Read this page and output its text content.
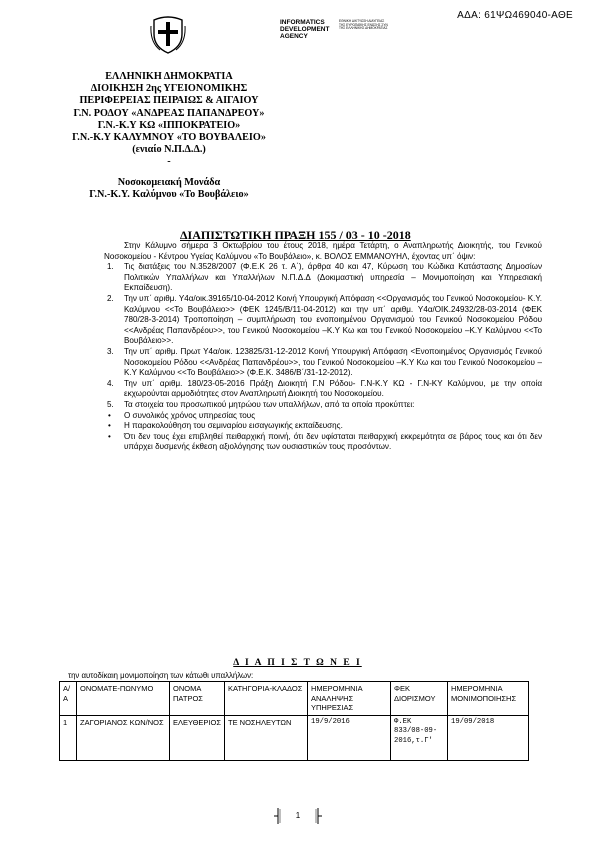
ΑΔΑ: 61ΨΩ469040-ΑΘΕ
INFORMATICS
DEVELOPMENT
AGENCY
ΕΘΝΙΚΗ ΔΙΚΤΥΩΣΗ ΔΙΑΥΓΕΙΑΣ ΤΗΣ ΕΥΡΩΠΑΪΚΗΣ ΕΝΩΣΗΣ ΣΥΝ ΤΗΣ ΕΛΛΗΝΙΚΗΣ ΔΗΜΟΚΡΑΤΙΑΣ
ΕΛΛΗΝΙΚΗ ΔΗΜΟΚΡΑΤΙΑ
ΔΙΟΙΚΗΣΗ 2ης ΥΓΕΙΟΝΟΜΙΚΗΣ
ΠΕΡΙΦΕΡΕΙΑΣ ΠΕΙΡΑΙΩΣ & ΑΙΓΑΙΟΥ
Γ.Ν. ΡΟΔΟΥ «ΑΝΔΡΕΑΣ ΠΑΠΑΝΔΡΕΟΥ»
Γ.Ν.-Κ.Υ ΚΩ «ΙΠΠΟΚΡΑΤΕΙΟ»
Γ.Ν.-Κ.Υ ΚΑΛΥΜΝΟΥ «ΤΟ ΒΟΥΒΑΛΕΙΟ»
(ενιαίο Ν.Π.Δ.Δ.)
-
Νοσοκομειακή Μονάδα
Γ.Ν.-Κ.Υ. Καλύμνου «Το Βουβάλειο»
ΔΙΑΠΙΣΤΩΤΙΚΗ ΠΡΑΞΗ 155 / 03 - 10 -2018

Στην Κάλυμνο σήμερα 3 Οκτωβρίου του έτους 2018, ημέρα Τετάρτη, ο Αναπληρωτής Διοικητής, του Γενικού Νοσοκομείου - Κέντρου Υγείας Καλύμνου «Το Βουβάλειο», κ. ΒΟΛΟΣ ΕΜΜΑΝΟΥΗΛ, έχοντας υπ΄ όψιν:

1. Τις διατάξεις του Ν.3528/2007 (Φ.Ε.Κ 26 τ. Α΄), άρθρα 40 και 47, Κύρωση του Κώδικα Κατάστασης Δημοσίων Πολιτικών Υπαλλήλων και Υπαλλήλων Ν.Π.Δ.Δ (Δοκιμαστική υπηρεσία – Μονιμοποίηση και Υπηρεσιακή Εκπαίδευση).
2. Την υπ΄ αριθμ. Υ4α/οικ.39165/10-04-2012 Κοινή Υπουργική Απόφαση <<Οργανισμός του Γενικού Νοσοκομείου- Κ.Υ. Καλύμνου <<Το Βουβάλειο>> (ΦΕΚ 1245/Β/11-04-2012) και την υπ΄ αριθμ. Υ4α/ΟΙΚ.24932/28-03-2014 (ΦΕΚ 780/28-3-2014) Τροποποίηση – συμπλήρωση του ενοποιημένου Οργανισμού του Γενικού Νοσοκομείου Ρόδου <<Ανδρέας Παπανδρέου>>, του Γενικού Νοσοκομείου –Κ.Υ Κω και του Γενικού Νοσοκομείου –Κ.Υ Καλύμνου <<Το Βουβάλειο>>.
3. Την υπ΄ αριθμ. Πρωτ Υ4α/οικ. 123825/31-12-2012 Κοινή Υπουργική Απόφαση <Ενοποιημένος Οργανισμός Γενικού Νοσοκομείου Ρόδου <<Ανδρέας Παπανδρέου>>, του Γενικού Νοσοκομείου –Κ.Υ Κω και του Γενικού Νοσοκομείου –Κ.Υ Καλύμνου <<Το Βουβάλειο>> (Φ.Ε.Κ. 3486/Β΄/31-12-2012).
4. Την υπ΄ αριθμ. 180/23-05-2016 Πράξη Διοικητή Γ.Ν Ρόδου- Γ.Ν-Κ.Υ ΚΩ - Γ.Ν-ΚΥ Καλύμνου, με την οποία εκχωρούνται αρμοδιότητες στον Αναπληρωτή Διοικητή του Νοσοκομείου.
5. Τα στοιχεία του προσωπικού μητρώου των υπαλλήλων, από τα οποία προκύπτει:
• Ο συνολικός χρόνος υπηρεσίας τους
• Η παρακολούθηση του σεμιναρίου εισαγωγικής εκπαίδευσης.
• Ότι δεν τους έχει επιβληθεί πειθαρχική ποινή, ότι δεν υφίσταται πειθαρχική εκκρεμότητα σε βάρος τους και ότι δεν υπάρχει δυσμενής έκθεση αξιολόγησης των ουσιαστικών τους προσόντων.
Δ Ι Α Π Ι Σ Τ Ω Ν Ε Ι
την αυτοδίκαιη μονιμοποίηση των κάτωθι υπαλλήλων:
Α/Α	ΟΝΟΜΑΤΕ-ΠΩΝΥΜΟ	ΟΝΟΜΑ ΠΑΤΡΟΣ	ΚΑΤΗΓΟΡΙΑ-ΚΛΑΔΟΣ	ΗΜΕΡΟΜΗΝΙΑ ΑΝΑΛΗΨΗΣ ΥΠΗΡΕΣΙΑΣ	ΦΕΚ ΔΙΟΡΙΣΜΟΥ	ΗΜΕΡΟΜΗΝΙΑ ΜΟΝΙΜΟΠΟΙΗΣΗΣ
1	ΖΑΓΟΡΙΑΝΟΣ ΚΩΝ/ΝΟΣ	ΕΛΕΥΘΕΡΙΟΣ	ΤΕ ΝΟΣΗΛΕΥΤΩΝ	19/9/2016	Φ.ΕΚ 833/08-09-2016,τ.Γ'	19/09/2018
1
